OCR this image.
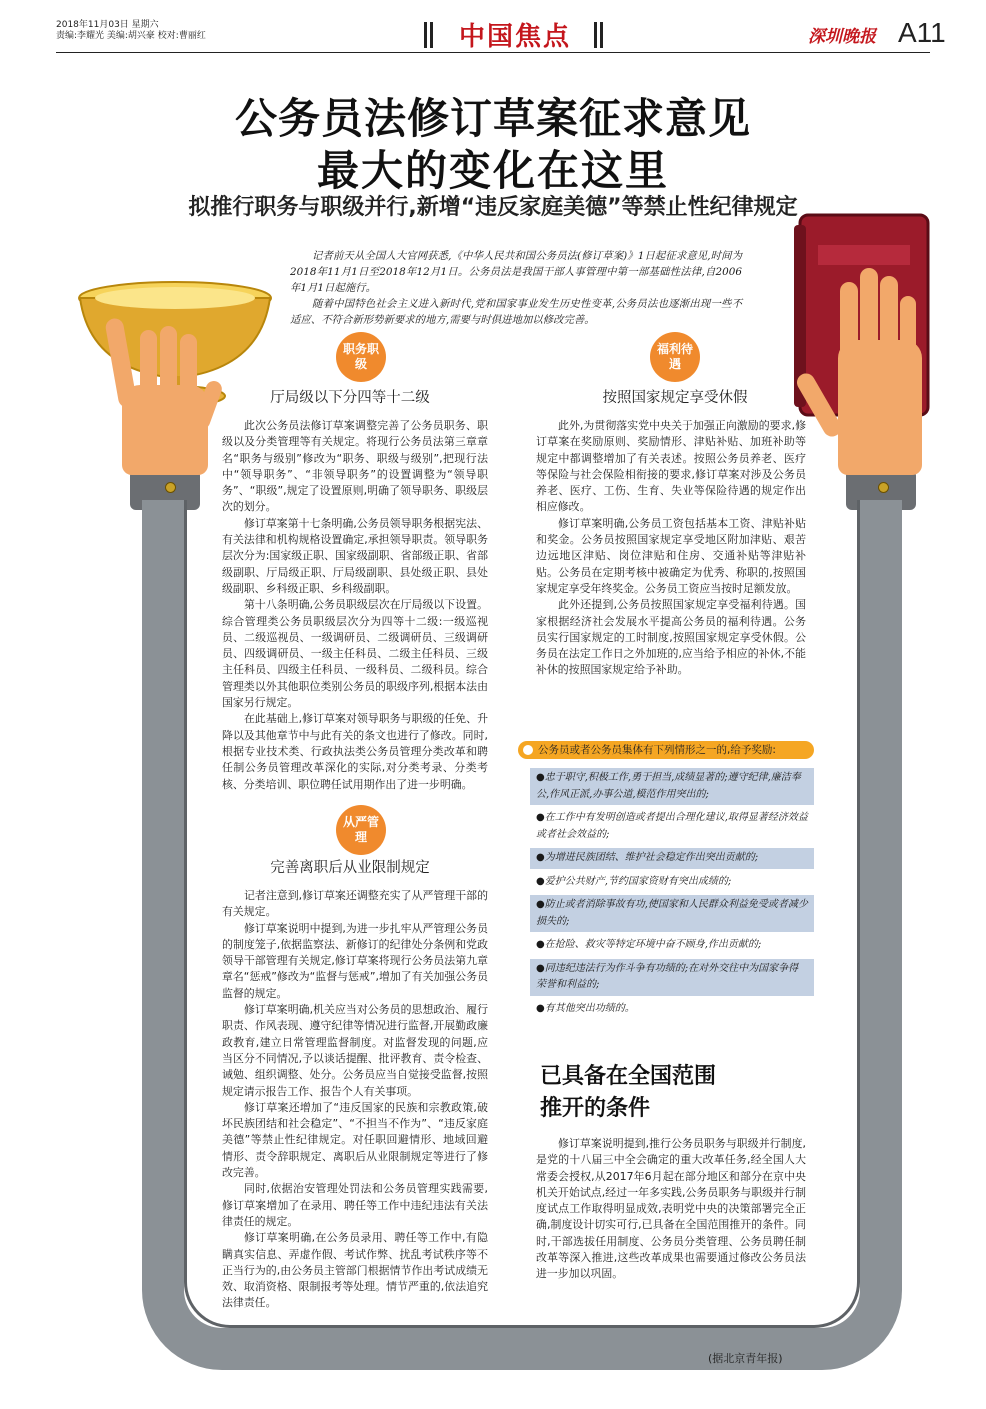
2018年11月03日 星期六
责编:李耀光 美编:胡兴豪 校对:曹丽红	中国焦点	深圳晚报 A11
公务员法修订草案征求意见
最大的变化在这里
拟推行职务与职级并行,新增“违反家庭美德”等禁止性纪律规定

记者前天从全国人大官网获悉,《中华人民共和国公务员法(修订草案)》1日起征求意见,时间为2018年11月1日至2018年12月1日。公务员法是我国干部人事管理中第一部基础性法律,自2006年1月1日起施行。

随着中国特色社会主义进入新时代,党和国家事业发生历史性变革,公务员法也逐渐出现一些不适应、不符合新形势新要求的地方,需要与时俱进地加以修改完善。

职务职级
厅局级以下分四等十二级

此次公务员法修订草案调整完善了公务员职务、职级以及分类管理等有关规定。将现行公务员法第三章章名“职务与级别”修改为“职务、职级与级别”,把现行法中“领导职务”、“非领导职务”的设置调整为“领导职务”、“职级”,规定了设置原则,明确了领导职务、职级层次的划分。

修订草案第十七条明确,公务员领导职务根据宪法、有关法律和机构规格设置确定,承担领导职责。领导职务层次分为:国家级正职、国家级副职、省部级正职、省部级副职、厅局级正职、厅局级副职、县处级正职、县处级副职、乡科级正职、乡科级副职。

第十八条明确,公务员职级层次在厅局级以下设置。综合管理类公务员职级层次分为四等十二级:一级巡视员、二级巡视员、一级调研员、二级调研员、三级调研员、四级调研员、一级主任科员、二级主任科员、三级主任科员、四级主任科员、一级科员、二级科员。综合管理类以外其他职位类别公务员的职级序列,根据本法由国家另行规定。

在此基础上,修订草案对领导职务与职级的任免、升降以及其他章节中与此有关的条文也进行了修改。同时,根据专业技术类、行政执法类公务员管理分类改革和聘任制公务员管理改革深化的实际,对分类考录、分类考核、分类培训、职位聘任试用期作出了进一步明确。

从严管理
完善离职后从业限制规定

记者注意到,修订草案还调整充实了从严管理干部的有关规定。

修订草案说明中提到,为进一步扎牢从严管理公务员的制度笼子,依据监察法、新修订的纪律处分条例和党政领导干部管理有关规定,修订草案将现行公务员法第九章章名“惩戒”修改为“监督与惩戒”,增加了有关加强公务员监督的规定。

修订草案明确,机关应当对公务员的思想政治、履行职责、作风表现、遵守纪律等情况进行监督,开展勤政廉政教育,建立日常管理监督制度。对监督发现的问题,应当区分不同情况,予以谈话提醒、批评教育、责令检查、诫勉、组织调整、处分。公务员应当自觉接受监督,按照规定请示报告工作、报告个人有关事项。

修订草案还增加了“违反国家的民族和宗教政策,破坏民族团结和社会稳定”、“不担当不作为”、“违反家庭美德”等禁止性纪律规定。对任职回避情形、地域回避情形、责令辞职规定、离职后从业限制规定等进行了修改完善。

同时,依据治安管理处罚法和公务员管理实践需要,修订草案增加了在录用、聘任等工作中违纪违法有关法律责任的规定。

修订草案明确,在公务员录用、聘任等工作中,有隐瞒真实信息、弄虚作假、考试作弊、扰乱考试秩序等不正当行为的,由公务员主管部门根据情节作出考试成绩无效、取消资格、限制报考等处理。情节严重的,依法追究法律责任。

福利待遇
按照国家规定享受休假

此外,为贯彻落实党中央关于加强正向激励的要求,修订草案在奖励原则、奖励情形、津贴补贴、加班补助等规定中都调整增加了有关表述。按照公务员养老、医疗等保险与社会保险相衔接的要求,修订草案对涉及公务员养老、医疗、工伤、生育、失业等保险待遇的规定作出相应修改。

修订草案明确,公务员工资包括基本工资、津贴补贴和奖金。公务员按照国家规定享受地区附加津贴、艰苦边远地区津贴、岗位津贴和住房、交通补贴等津贴补贴。公务员在定期考核中被确定为优秀、称职的,按照国家规定享受年终奖金。公务员工资应当按时足额发放。

此外还提到,公务员按照国家规定享受福利待遇。国家根据经济社会发展水平提高公务员的福利待遇。公务员实行国家规定的工时制度,按照国家规定享受休假。公务员在法定工作日之外加班的,应当给予相应的补休,不能补休的按照国家规定给予补助。

公务员或者公务员集体有下列情形之一的,给予奖励:
●忠于职守,积极工作,勇于担当,成绩显著的;遵守纪律,廉洁奉公,作风正派,办事公道,模范作用突出的;
●在工作中有发明创造或者提出合理化建议,取得显著经济效益或者社会效益的;
●为增进民族团结、维护社会稳定作出突出贡献的;
●爱护公共财产,节约国家资财有突出成绩的;
●防止或者消除事故有功,使国家和人民群众利益免受或者减少损失的;
●在抢险、救灾等特定环境中奋不顾身,作出贡献的;
●同违纪违法行为作斗争有功绩的;在对外交往中为国家争得荣誉和利益的;
●有其他突出功绩的。
已具备在全国范围
推开的条件

修订草案说明提到,推行公务员职务与职级并行制度,是党的十八届三中全会确定的重大改革任务,经全国人大常委会授权,从2017年6月起在部分地区和部分在京中央机关开始试点,经过一年多实践,公务员职务与职级并行制度试点工作取得明显成效,表明党中央的决策部署完全正确,制度设计切实可行,已具备在全国范围推开的条件。同时,干部选拔任用制度、公务员分类管理、公务员聘任制改革等深入推进,这些改革成果也需要通过修改公务员法进一步加以巩固。

(据北京青年报)
